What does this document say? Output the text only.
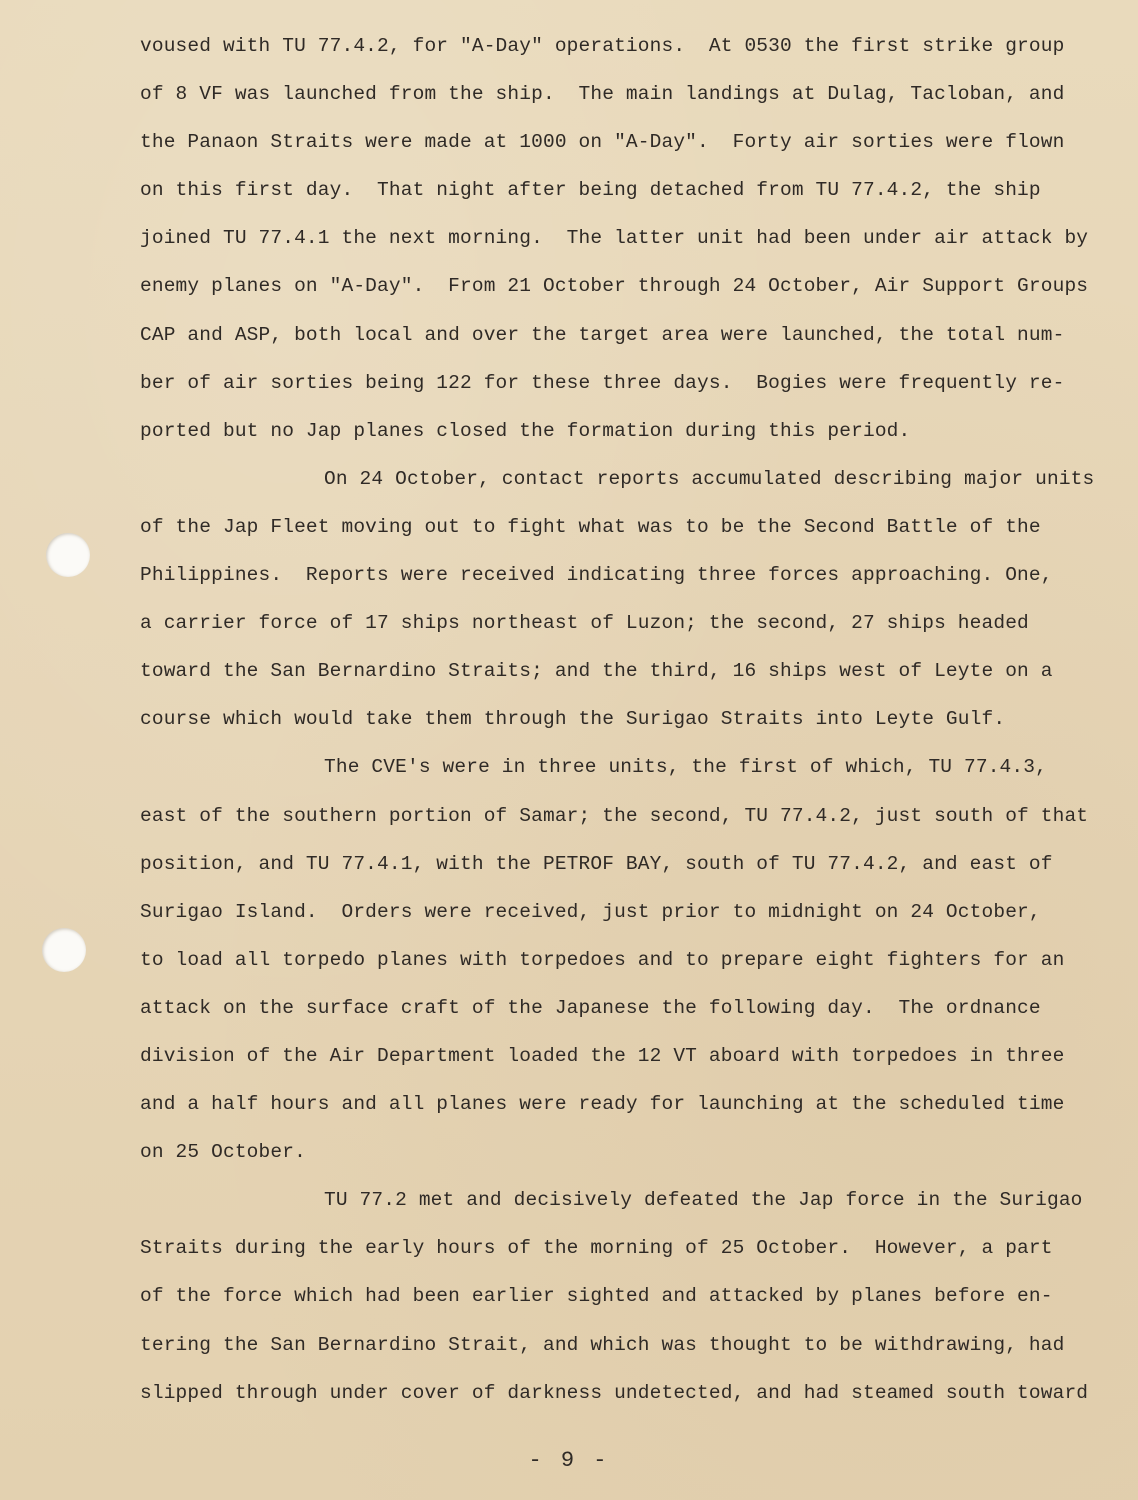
voused with TU 77.4.2, for "A-Day" operations.  At 0530 the first strike group
of 8 VF was launched from the ship.  The main landings at Dulag, Tacloban, and
the Panaon Straits were made at 1000 on "A-Day".  Forty air sorties were flown
on this first day.  That night after being detached from TU 77.4.2, the ship
joined TU 77.4.1 the next morning.  The latter unit had been under air attack by
enemy planes on "A-Day".  From 21 October through 24 October, Air Support Groups
CAP and ASP, both local and over the target area were launched, the total num-
ber of air sorties being 122 for these three days.  Bogies were frequently re-
ported but no Jap planes closed the formation during this period.
On 24 October, contact reports accumulated describing major units
of the Jap Fleet moving out to fight what was to be the Second Battle of the
Philippines.  Reports were received indicating three forces approaching. One,
a carrier force of 17 ships northeast of Luzon; the second, 27 ships headed
toward the San Bernardino Straits; and the third, 16 ships west of Leyte on a
course which would take them through the Surigao Straits into Leyte Gulf.
The CVE's were in three units, the first of which, TU 77.4.3,
east of the southern portion of Samar; the second, TU 77.4.2, just south of that
position, and TU 77.4.1, with the PETROF BAY, south of TU 77.4.2, and east of
Surigao Island.  Orders were received, just prior to midnight on 24 October,
to load all torpedo planes with torpedoes and to prepare eight fighters for an
attack on the surface craft of the Japanese the following day.  The ordnance
division of the Air Department loaded the 12 VT aboard with torpedoes in three
and a half hours and all planes were ready for launching at the scheduled time
on 25 October.
TU 77.2 met and decisively defeated the Jap force in the Surigao
Straits during the early hours of the morning of 25 October.  However, a part
of the force which had been earlier sighted and attacked by planes before en-
tering the San Bernardino Strait, and which was thought to be withdrawing, had
slipped through under cover of darkness undetected, and had steamed south toward
- 9 -
